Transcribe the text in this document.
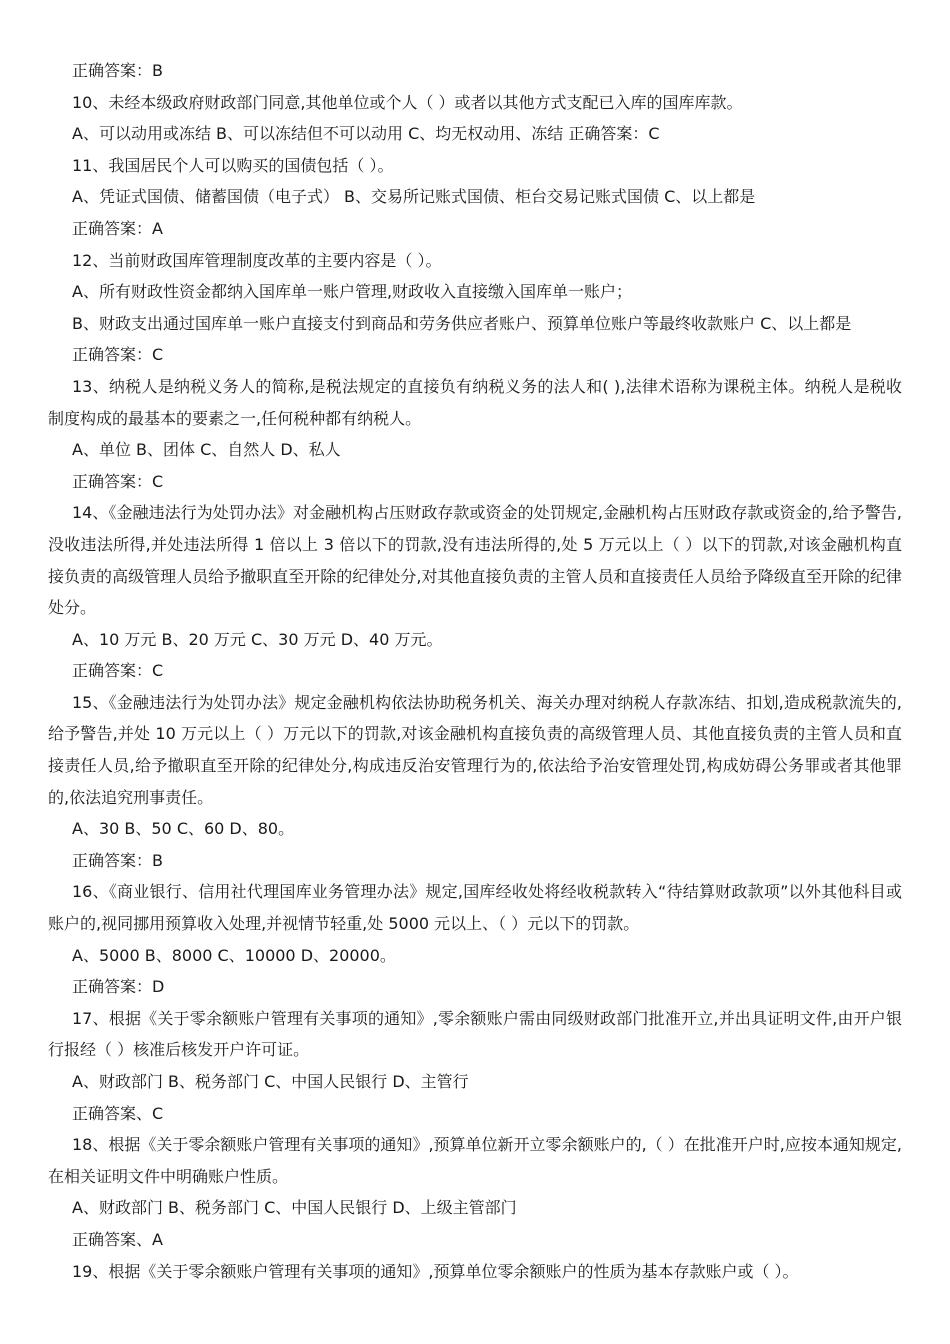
正确答案：B
10、未经本级政府财政部门同意,其他单位或个人（ ）或者以其他方式支配已入库的国库库款。
A、可以动用或冻结 B、可以冻结但不可以动用 C、均无权动用、冻结 正确答案：C
11、我国居民个人可以购买的国债包括（ ）。
A、凭证式国债、储蓄国债（电子式） B、交易所记账式国债、柜台交易记账式国债 C、以上都是
正确答案：A
12、当前财政国库管理制度改革的主要内容是（ ）。
A、所有财政性资金都纳入国库单一账户管理,财政收入直接缴入国库单一账户；
B、财政支出通过国库单一账户直接支付到商品和劳务供应者账户、预算单位账户等最终收款账户 C、以上都是
正确答案：C
13、纳税人是纳税义务人的简称,是税法规定的直接负有纳税义务的法人和( ),法律术语称为课税主体。纳税人是税收制度构成的最基本的要素之一,任何税种都有纳税人。
A、单位 B、团体 C、自然人 D、私人
正确答案：C
14、《金融违法行为处罚办法》对金融机构占压财政存款或资金的处罚规定,金融机构占压财政存款或资金的,给予警告,没收违法所得,并处违法所得 1 倍以上 3 倍以下的罚款,没有违法所得的,处 5 万元以上（ ）以下的罚款,对该金融机构直接负责的高级管理人员给予撤职直至开除的纪律处分,对其他直接负责的主管人员和直接责任人员给予降级直至开除的纪律处分。
A、10 万元 B、20 万元 C、30 万元 D、40 万元。
正确答案：C
15、《金融违法行为处罚办法》规定金融机构依法协助税务机关、海关办理对纳税人存款冻结、扣划,造成税款流失的,给予警告,并处 10 万元以上（ ）万元以下的罚款,对该金融机构直接负责的高级管理人员、其他直接负责的主管人员和直接责任人员,给予撤职直至开除的纪律处分,构成违反治安管理行为的,依法给予治安管理处罚,构成妨碍公务罪或者其他罪的,依法追究刑事责任。
A、30 B、50 C、60 D、80。
正确答案：B
16、《商业银行、信用社代理国库业务管理办法》规定,国库经收处将经收税款转入“待结算财政款项”以外其他科目或账户的,视同挪用预算收入处理,并视情节轻重,处 5000 元以上、（ ）元以下的罚款。
A、5000 B、8000 C、10000 D、20000。
正确答案：D
17、根据《关于零余额账户管理有关事项的通知》,零余额账户需由同级财政部门批准开立,并出具证明文件,由开户银行报经（ ）核准后核发开户许可证。
A、财政部门 B、税务部门 C、中国人民银行 D、主管行
正确答案、C
18、根据《关于零余额账户管理有关事项的通知》,预算单位新开立零余额账户的,（ ）在批准开户时,应按本通知规定,在相关证明文件中明确账户性质。
A、财政部门 B、税务部门 C、中国人民银行 D、上级主管部门
正确答案、A
19、根据《关于零余额账户管理有关事项的通知》,预算单位零余额账户的性质为基本存款账户或（ ）。
